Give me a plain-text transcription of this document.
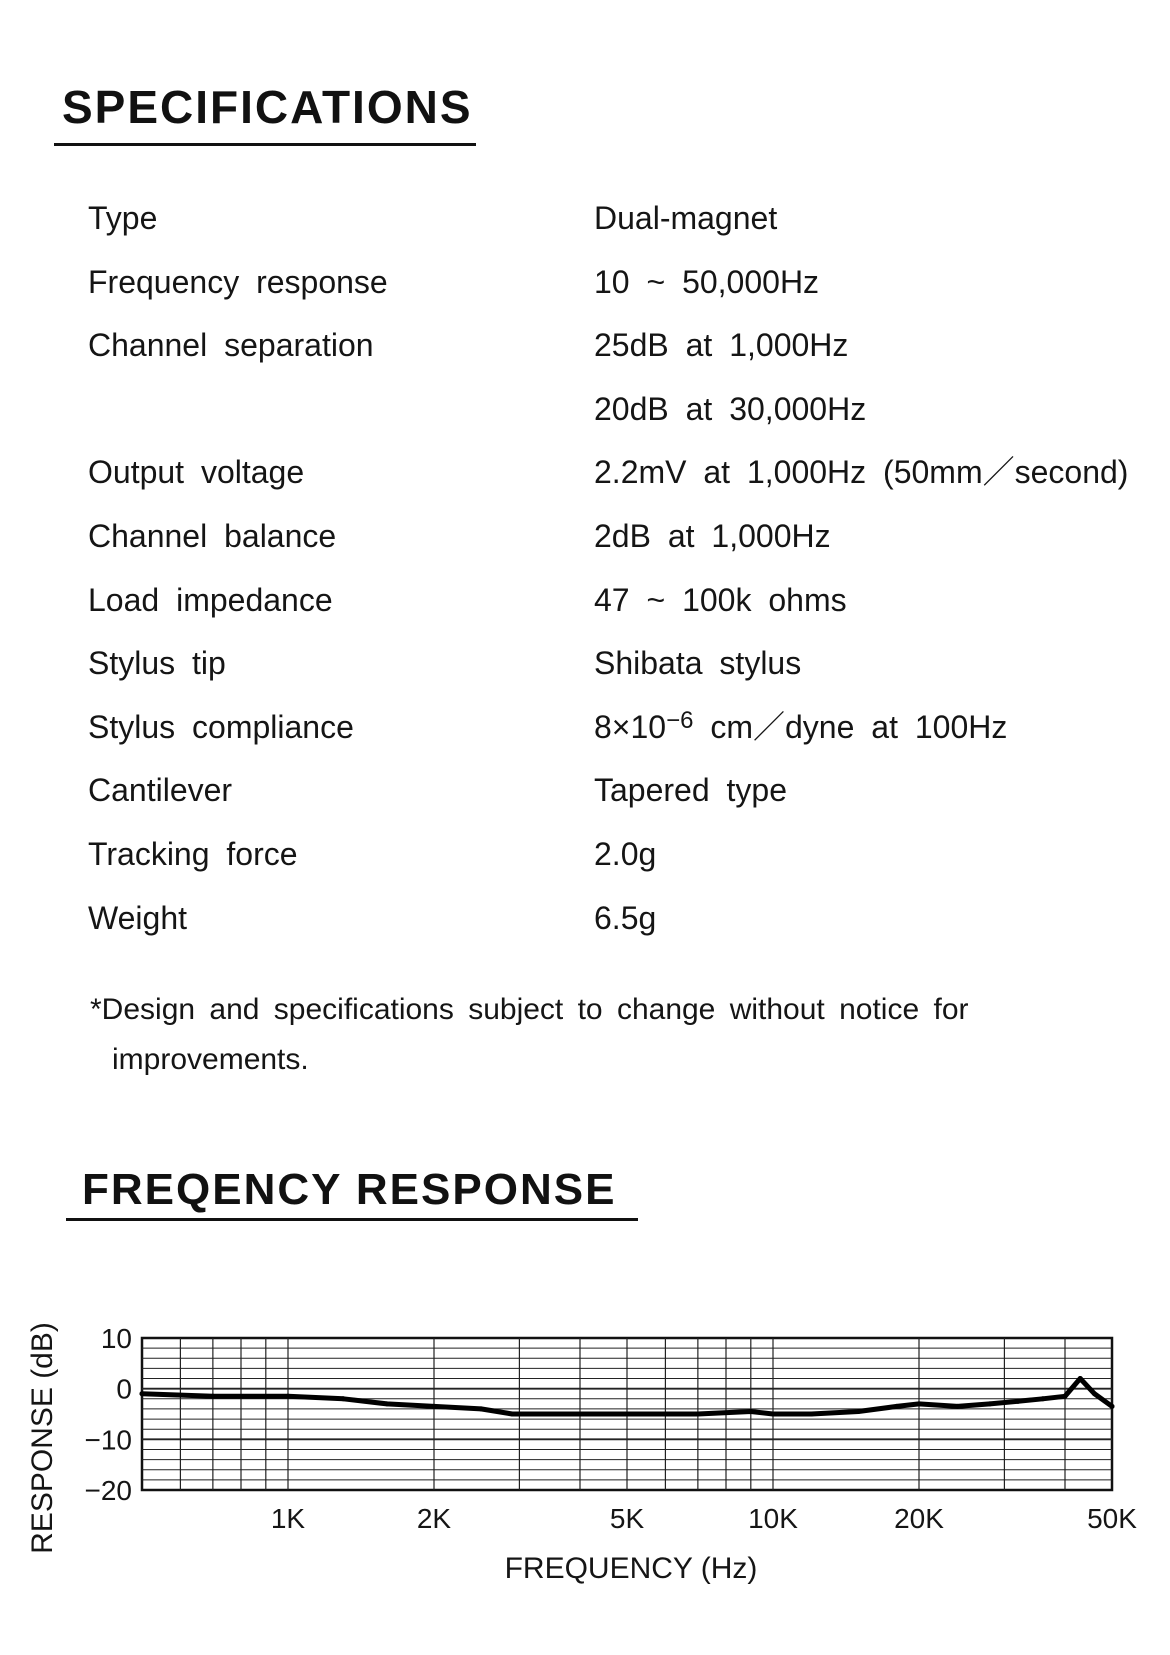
SPECIFICATIONS
Type	Dual-magnet
Frequency response	10 ~ 50,000Hz
Channel separation	25dB at 1,000Hz
20dB at 30,000Hz
Output voltage	2.2mV at 1,000Hz (50mm／second)
Channel balance	2dB at 1,000Hz
Load impedance	47 ~ 100k ohms
Stylus tip	Shibata stylus
Stylus compliance	$8\times 10^{-6}$ cm／dyne at 100Hz
Cantilever	Tapered type
Tracking force	2.0g
Weight	6.5g
*Design and specifications subject to change without notice for
improvements.
FREQENCY RESPONSE
10
0
−10
−20
1K	2K	5K	10K	20K	50K
FREQUENCY (Hz)
RESPONSE (dB)
